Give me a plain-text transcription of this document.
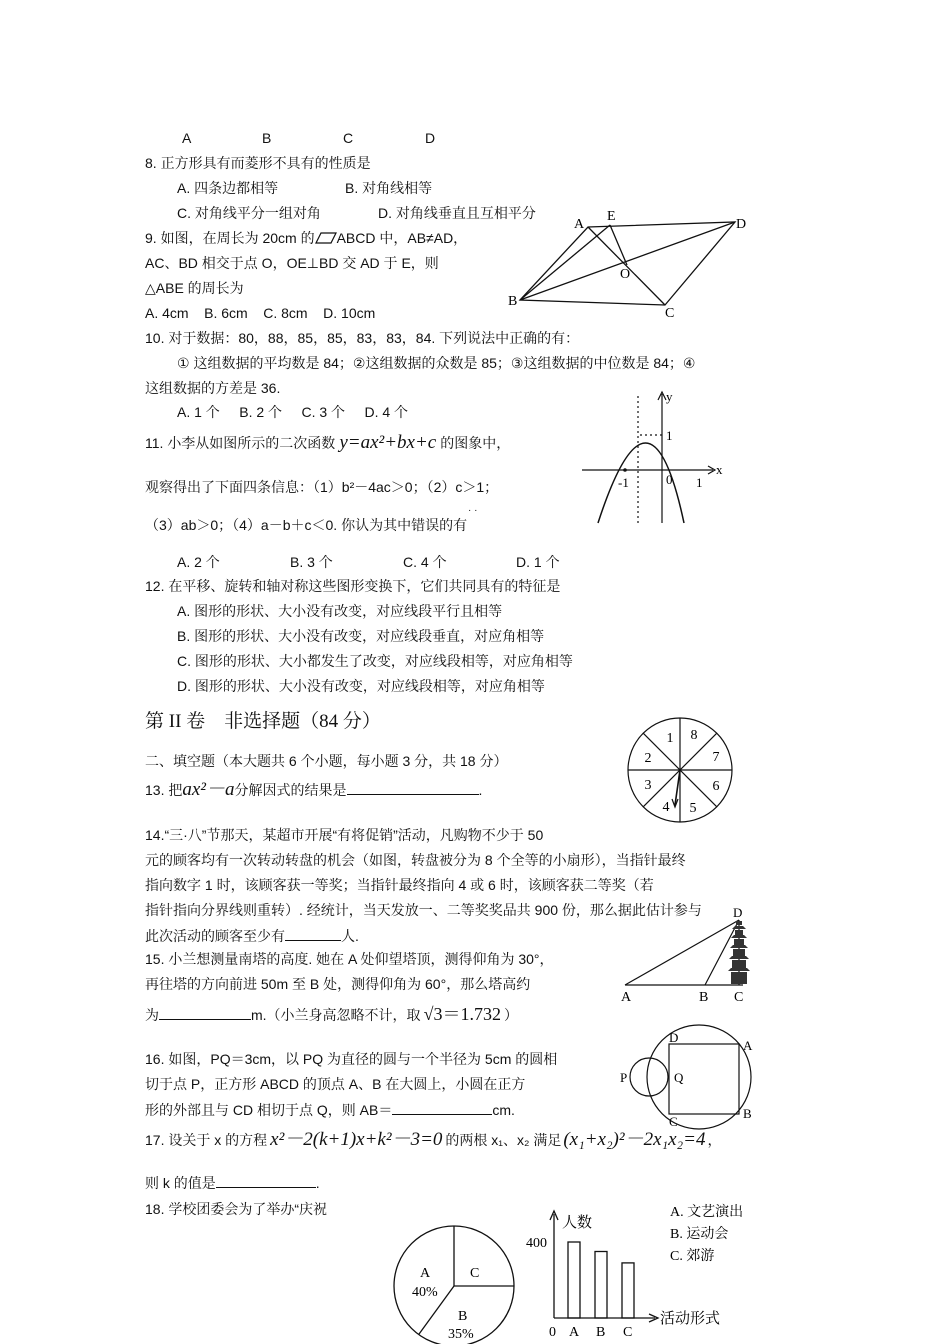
A	B	C	D
8. 正方形具有而菱形不具有的性质是
A. 四条边都相等	B. 对角线相等
C. 对角线平分一组对角	D. 对角线垂直且互相平分
9. 如图，在周长为 20cm 的 ABCD 中，AB≠AD，
AC、BD 相交于点 O，OE⊥BD 交 AD 于 E，则
△ABE 的周长为
A. 4cm    B. 6cm    C. 8cm    D. 10cm
A
E
D
O
B
C
10. 对于数据：80，88，85，85，83，83，84. 下列说法中正确的有：
① 这组数据的平均数是 84；②这组数据的众数是 85；③这组数据的中位数是 84；④
这组数据的方差是 36.
A. 1 个     B. 2 个     C. 3 个     D. 4 个
11. 小李从如图所示的二次函数 y=ax²+bx+c 的图象中，
观察得出了下面四条信息：（1）b²－4ac＞0；（2）c＞1；
（3）ab＞0；（4）a－b＋c＜0. 你认为其中错误的有
· ·
A. 2 个	B. 3 个	C. 4 个	D. 1 个
y
x
1
-1	0 1
12. 在平移、旋转和轴对称这些图形变换下，它们共同具有的特征是
A. 图形的形状、大小没有改变，对应线段平行且相等
B. 图形的形状、大小没有改变，对应线段垂直，对应角相等
C. 图形的形状、大小都发生了改变，对应线段相等，对应角相等
D. 图形的形状、大小没有改变，对应线段相等，对应角相等
第 II 卷    非选择题（84 分）
二、填空题（本大题共 6 个小题，每小题 3 分，共 18 分）
13. 把ax²－a分解因式的结果是	.
1 8
2	7
3	6
4 5
14.“三·八”节那天，某超市开展“有将促销”活动，凡购物不少于 50
元的顾客均有一次转动转盘的机会（如图，转盘被分为 8 个全等的小扇形），当指针最终
指向数字 1 时，该顾客获一等奖；当指针最终指向 4 或 6 时，该顾客获二等奖（若
指针指向分界线则重转）. 经统计，当天发放一、二等奖奖品共 900 份，那么据此估计参与
此次活动的顾客至少有	人.
A	B C
D
15. 小兰想测量南塔的高度. 她在 A 处仰望塔顶，测得仰角为 30°，
再往塔的方向前进 50m 至 B 处，测得仰角为 60°，那么塔高约
为	m.（小兰身高忽略不计，取 √3＝1.732 ）
D
A
P	Q
C
B
16. 如图，PQ＝3cm，以 PQ 为直径的圆与一个半径为 5cm 的圆相
切于点 P，正方形 ABCD 的顶点 A、B 在大圆上，小圆在正方
形的外部且与 CD 相切于点 Q，则 AB＝	cm.
17. 设关于 x 的方程 x²－2(k+1)x+k²－3=0 的两根 x₁、x₂ 满足 (x₁+x₂)²－2x₁x₂=4 ，
则 k 的值是	.
18. 学校团委会为了举办“庆祝
A
40%
C
B
35%	A B C
人数
活动形式
400
0
A. 文艺演出
B. 运动会
C. 郊游
